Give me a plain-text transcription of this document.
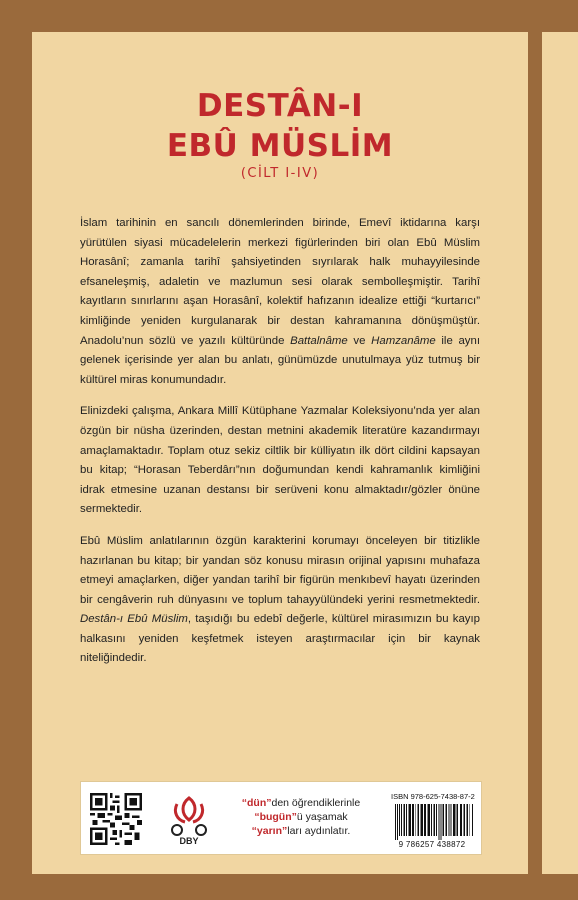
DESTÂN-I
EBÛ MÜSLİM
(CİLT I-IV)

İslam tarihinin en sancılı dönemlerinden birinde, Emevî iktidarına karşı yürütülen siyasi mücadelelerin merkezi figürlerinden biri olan Ebû Müslim Horasânî; zamanla tarihî şahsiyetinden sıyrılarak halk muhayyilesinde efsaneleşmiş, adaletin ve mazlumun sesi olarak sembolleşmiştir. Tarihî kayıtların sınırlarını aşan Horasânî, kolektif hafızanın idealize ettiği “kurtarıcı” kimliğinde yeniden kurgulanarak bir destan kahramanına dönüşmüştür. Anadolu’nun sözlü ve yazılı kültüründe Battalnâme ve Hamzanâme ile aynı gelenek içerisinde yer alan bu anlatı, günümüzde unutulmaya yüz tutmuş bir kültürel miras konumundadır.

Elinizdeki çalışma, Ankara Millî Kütüphane Yazmalar Koleksiyonu’nda yer alan özgün bir nüsha üzerinden, destan metnini akademik literatüre kazandırmayı amaçlamaktadır. Toplam otuz sekiz ciltlik bir külliyatın ilk dört cildini kapsayan bu kitap; “Horasan Teberdârı”nın doğumundan kendi kahramanlık kimliğini idrak etmesine uzanan destansı bir serüveni konu almaktadır/gözler önüne sermektedir.

Ebû Müslim anlatılarının özgün karakterini korumayı önceleyen bir titizlikle hazırlanan bu kitap; bir yandan söz konusu mirasın orijinal yapısını muhafaza etmeyi amaçlarken, diğer yandan tarihî bir figürün menkıbevî hayatı üzerinden bir cengâverin ruh dünyasını ve toplum tahayyülündeki yerini resmetmektedir. Destân-ı Ebû Müslim, taşıdığı bu edebî değerle, kültürel mirasımızın bu kayıp halkasını yeniden keşfetmek isteyen araştırmacılar için bir kaynak niteliğindedir.

DBY
“dün”den öğrendiklerinle
“bugün”ü yaşamak
“yarın”ları aydınlatır.
ISBN 978-625-7438-87-2
9 786257 438872
